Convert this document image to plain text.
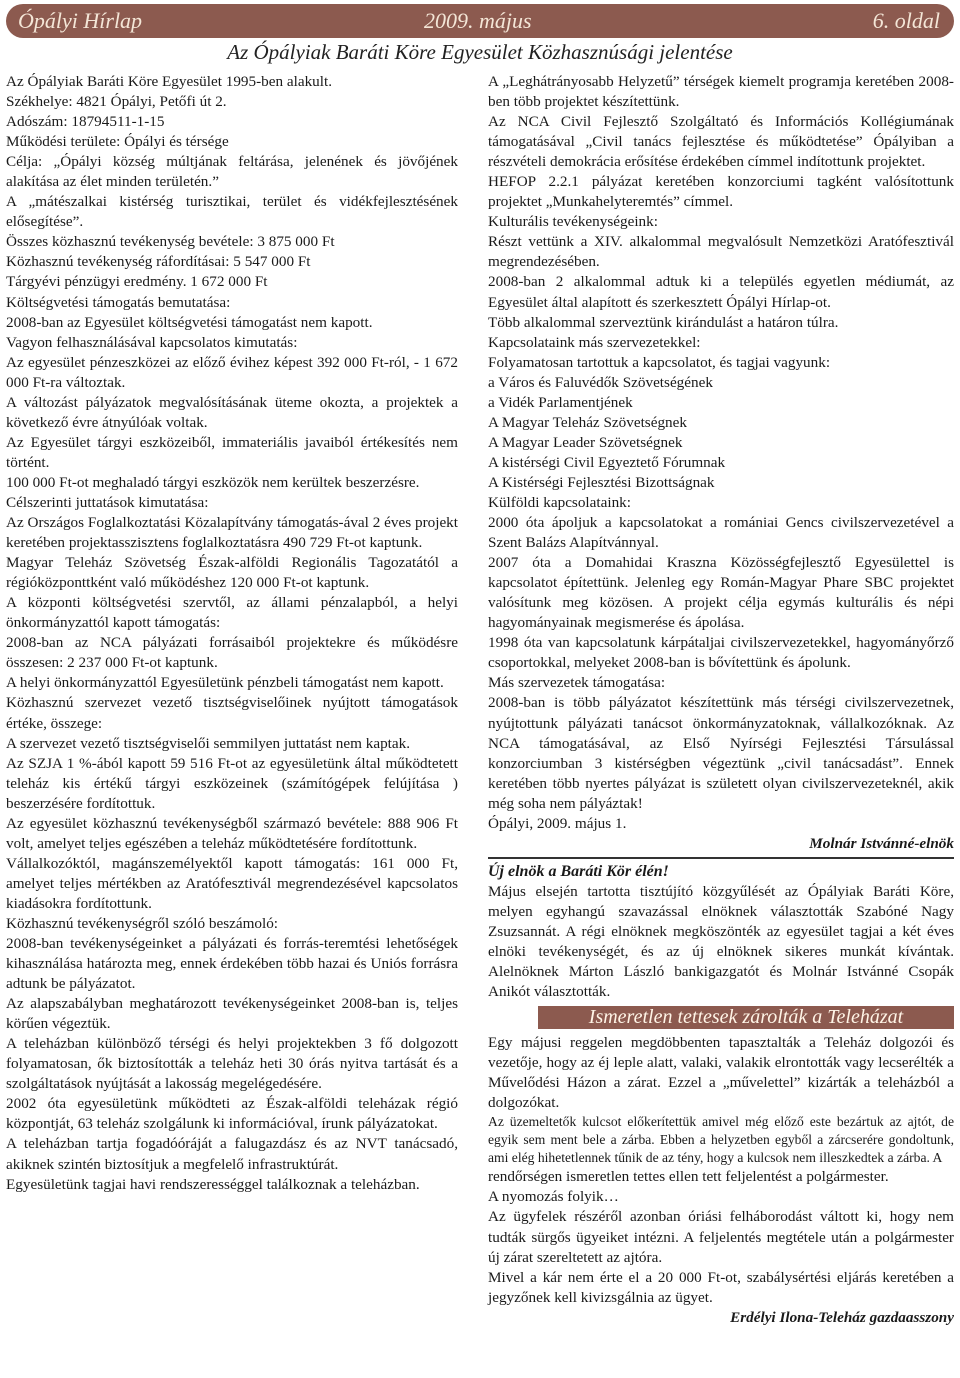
Ópályi Hírlap	2009. május	6. oldal
Az Ópályiak Baráti Köre Egyesület Közhasznúsági jelentése

Az Ópályiak Baráti Köre Egyesület 1995-ben alakult.

Székhelye: 4821 Ópályi, Petőfi út 2.

Adószám: 18794511-1-15

Működési területe: Ópályi és térsége

Célja: „Ópályi község múltjának feltárása, jelenének és jövőjének alakítása az élet minden területén.”

A „mátészalkai kistérség turisztikai, terület és vidékfejlesztésének elősegítése”.

Összes közhasznú tevékenység bevétele: 3 875 000 Ft

Közhasznú tevékenység ráfordításai: 5 547 000 Ft

Tárgyévi pénzügyi eredmény. 1 672 000 Ft

Költségvetési támogatás bemutatása:

2008-ban az Egyesület költségvetési támogatást nem kapott.

Vagyon felhasználásával kapcsolatos kimutatás:

Az egyesület pénzeszközei az előző évihez képest 392 000 Ft-ról, - 1 672 000 Ft-ra változtak.

A változást pályázatok megvalósításának üteme okozta, a projektek a következő évre átnyúlóak voltak.

Az Egyesület tárgyi eszközeiből, immateriális javaiból értékesítés nem történt.

100 000 Ft-ot meghaladó tárgyi eszközök nem kerültek beszerzésre.

Célszerinti juttatások kimutatása:

Az Országos Foglalkoztatási Közalapítvány támogatás-ával 2 éves projekt keretében projektasszisztens foglalkoztatásra 490 729 Ft-ot kaptunk.

Magyar Teleház Szövetség Észak-alföldi Regionális Tagozatától a régióközponttként való működéshez 120 000 Ft-ot kaptunk.

A központi költségvetési szervtől, az állami pénzalapból, a helyi önkormányzattól kapott támogatás:

2008-ban az NCA pályázati forrásaiból projektekre és működésre összesen: 2 237 000 Ft-ot kaptunk.

A helyi önkormányzattól Egyesületünk pénzbeli támogatást nem kapott.

Közhasznú szervezet vezető tisztségviselőinek nyújtott támogatások értéke, összege:

A szervezet vezető tisztségviselői semmilyen juttatást nem kaptak.

Az SZJA 1 %-ából kapott 59 516 Ft-ot az egyesületünk által működtetett teleház kis értékű tárgyi eszközeinek (számítógépek felújítása ) beszerzésére fordítottuk.

Az egyesület közhasznú tevékenységből származó bevétele: 888 906 Ft volt, amelyet teljes egészében a teleház működtetésére fordítottunk.

Vállalkozóktól, magánszemélyektől kapott támogatás: 161 000 Ft, amelyet teljes mértékben az Aratófesztivál megrendezésével kapcsolatos kiadásokra fordítottunk.

Közhasznú tevékenységről szóló beszámoló:

2008-ban tevékenységeinket a pályázati és forrás-teremtési lehetőségek kihasználása határozta meg, ennek érdekében több hazai és Uniós forrásra adtunk be pályázatot.

Az alapszabályban meghatározott tevékenységeinket 2008-ban is, teljes körűen végeztük.

A teleházban különböző térségi és helyi projektekben 3 fő dolgozott folyamatosan, ők biztosították a teleház heti 30 órás nyitva tartását és a szolgáltatások nyújtását a lakosság megelégedésére.

2002 óta egyesületünk működteti az Észak-alföldi teleházak régió központját, 63 teleház szolgálunk ki információval, írunk pályázatokat.

A teleházban tartja fogadóóráját a falugazdász és az NVT tanácsadó, akiknek szintén biztosítjuk a megfelelő infrastruktúrát.

Egyesületünk tagjai havi rendszerességgel találkoznak a teleházban.

A „Leghátrányosabb Helyzetű” térségek kiemelt programja keretében 2008-ben több projektet készítettünk.

Az NCA Civil Fejlesztő Szolgáltató és Információs Kollégiumának támogatásával „Civil tanács fejlesztése és működtetése” Ópályiban a részvételi demokrácia erősítése érdekében címmel indítottunk projektet.

HEFOP 2.2.1 pályázat keretében konzorciumi tagként valósítottunk projektet „Munkahelyteremtés” címmel.

Kulturális tevékenységeink:

Részt vettünk a XIV. alkalommal megvalósult Nemzetközi Aratófesztivál megrendezésében.

2008-ban 2 alkalommal adtuk ki a település egyetlen médiumát, az Egyesület által alapított és szerkesztett Ópályi Hírlap-ot.

Több alkalommal szerveztünk kirándulást a határon túlra.

Kapcsolataink más szervezetekkel:

Folyamatosan tartottuk a kapcsolatot, és tagjai vagyunk:

a Város és Faluvédők Szövetségének

a Vidék Parlamentjének

A Magyar Teleház Szövetségnek

A Magyar Leader Szövetségnek

A kistérségi Civil Egyeztető Fórumnak

A Kistérségi Fejlesztési Bizottságnak

Külföldi kapcsolataink:

2000 óta ápoljuk a kapcsolatokat a romániai Gencs civilszervezetével a Szent Balázs Alapítvánnyal.

2007 óta a Domahidai Kraszna Közösségfejlesztő Egyesülettel is kapcsolatot építettünk. Jelenleg egy Román-Magyar Phare SBC projektet valósítunk meg közösen. A projekt célja egymás kulturális és népi hagyományainak megismerése és ápolása.

1998 óta van kapcsolatunk kárpátaljai civilszervezetekkel, hagyományőrző csoportokkal, melyeket 2008-ban is bővítettünk és ápolunk.

Más szervezetek támogatása:

2008-ban is több pályázatot készítettünk más térségi civilszervezetnek, nyújtottunk pályázati tanácsot önkormányzatoknak, vállalkozóknak. Az NCA támogatásával, az Első Nyírségi Fejlesztési Társulással konzorciumban 3 kistérségben végeztünk „civil tanácsadást”. Ennek keretében több nyertes pályázat is született olyan civilszervezeteknél, akik még soha nem pályáztak!

Ópályi, 2009. május 1.

Molnár Istvánné-elnök

Új elnök a Baráti Kör élén!

Május elsején tartotta tisztújító közgyűlését az Ópályiak Baráti Köre, melyen egyhangú szavazással elnöknek választották Szabóné Nagy Zsuzsannát. A régi elnöknek megköszönték az egyesület tagjai a két éves elnöki tevékenységét, és az új elnöknek sikeres munkát kívántak. Alelnöknek Márton László bankigazgatót és Molnár Istvánné Csopák Anikót választották.

Ismeretlen tettesek zárolták a Teleházat

Egy májusi reggelen megdöbbenten tapasztalták a Teleház dolgozói és vezetője, hogy az éj leple alatt, valaki, valakik elrontották vagy lecserélték a Művelődési Házon a zárat. Ezzel a „művelettel” kizárták a teleházból a dolgozókat.

Az üzemeltetők kulcsot előkerítettük amivel még előző este bezártuk az ajtót, de egyik sem ment bele a zárba. Ebben a helyzetben egyből a zárcserére gondoltunk, ami elég hihetetlennek tűnik de az tény, hogy a kulcsok nem illeszkedtek a zárba. A

rendőrségen ismeretlen tettes ellen tett feljelentést a polgármester.

A nyomozás folyik…

Az ügyfelek részéről azonban óriási felháborodást váltott ki, hogy nem tudták sürgős ügyeiket intézni. A feljelentés megtétele után a polgármester új zárat szereltetett az ajtóra.

Mivel a kár nem érte el a 20 000 Ft-ot, szabálysértési eljárás keretében a jegyzőnek kell kivizsgálnia az ügyet.

Erdélyi Ilona-Teleház gazdaasszony
